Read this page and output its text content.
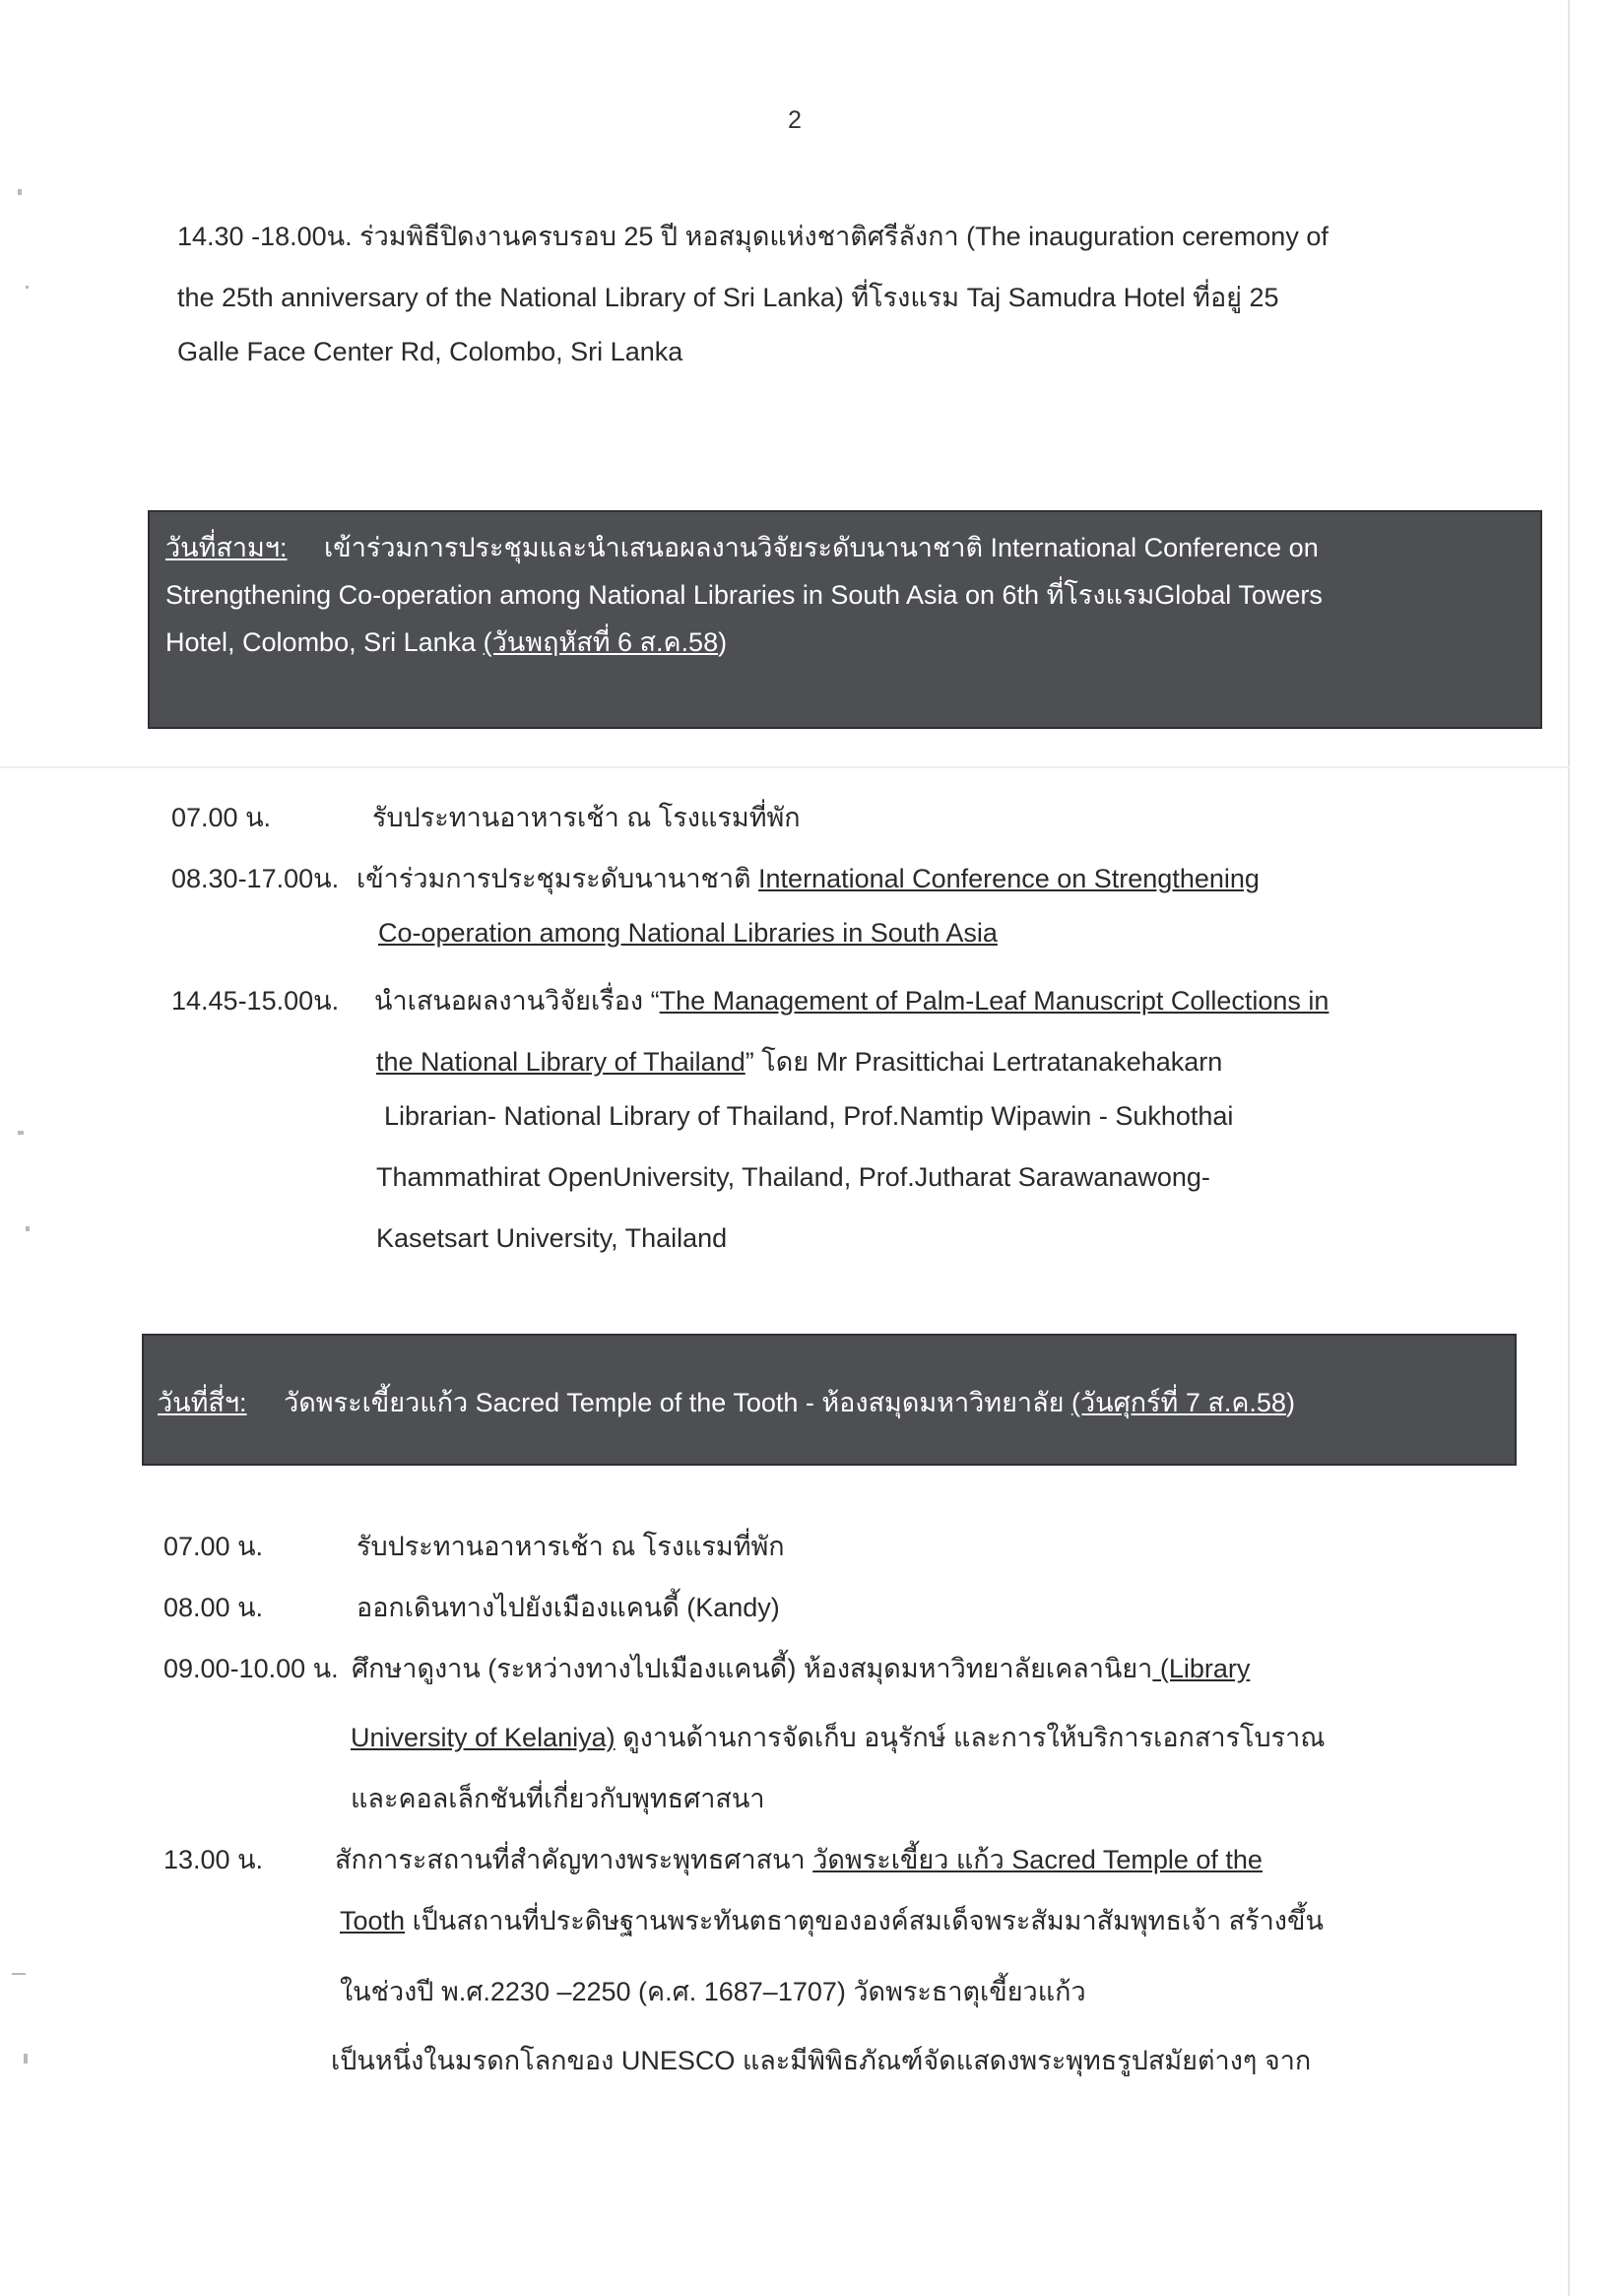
2
14.30 -18.00น. ร่วมพิธีปิดงานครบรอบ 25 ปี หอสมุดแห่งชาติศรีลังกา (The inauguration ceremony of
the 25th anniversary of the National Library of Sri Lanka) ที่โรงแรม Taj Samudra Hotel ที่อยู่ 25
Galle Face Center Rd, Colombo, Sri Lanka
วันที่สามฯ: เข้าร่วมการประชุมและนำเสนอผลงานวิจัยระดับนานาชาติ International Conference on
Strengthening Co-operation among National Libraries in South Asia on 6th ที่โรงแรมGlobal Towers
Hotel, Colombo, Sri Lanka (วันพฤหัสที่ 6 ส.ค.58)
07.00 น.	รับประทานอาหารเช้า ณ โรงแรมที่พัก
08.30-17.00น. เข้าร่วมการประชุมระดับนานาชาติ International Conference on Strengthening
Co-operation among National Libraries in South Asia
14.45-15.00น. นำเสนอผลงานวิจัยเรื่อง “The Management of Palm-Leaf Manuscript Collections in
the National Library of Thailand” โดย Mr Prasittichai Lertratanakehakarn
Librarian- National Library of Thailand, Prof.Namtip Wipawin - Sukhothai
Thammathirat OpenUniversity, Thailand, Prof.Jutharat Sarawanawong-
Kasetsart University, Thailand
วันที่สี่ฯ: วัดพระเขี้ยวแก้ว Sacred Temple of the Tooth - ห้องสมุดมหาวิทยาลัย (วันศุกร์ที่ 7 ส.ค.58)
07.00 น.	รับประทานอาหารเช้า ณ โรงแรมที่พัก
08.00 น.	ออกเดินทางไปยังเมืองแคนดี้ (Kandy)
09.00-10.00 น. ศึกษาดูงาน (ระหว่างทางไปเมืองแคนดี้) ห้องสมุดมหาวิทยาลัยเคลานิยา (Library
University of Kelaniya) ดูงานด้านการจัดเก็บ อนุรักษ์ และการให้บริการเอกสารโบราณ
และคอลเล็กชันที่เกี่ยวกับพุทธศาสนา
13.00 น.	สักการะสถานที่สำคัญทางพระพุทธศาสนา วัดพระเขี้ยว แก้ว Sacred Temple of the
Tooth เป็นสถานที่ประดิษฐานพระทันตธาตุขององค์สมเด็จพระสัมมาสัมพุทธเจ้า สร้างขึ้น
ในช่วงปี พ.ศ.2230 –2250 (ค.ศ. 1687–1707) วัดพระธาตุเขี้ยวแก้ว
เป็นหนึ่งในมรดกโลกของ UNESCO และมีพิพิธภัณฑ์จัดแสดงพระพุทธรูปสมัยต่างๆ จาก
